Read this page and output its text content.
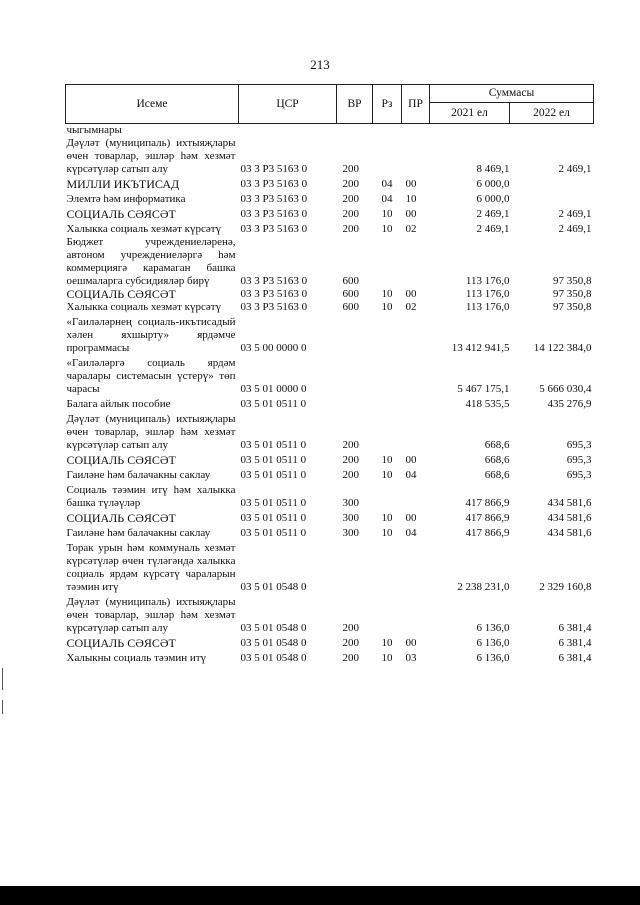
213
Исеме	ЦСР	ВР	Рз	ПР	Суммасы	
					2021 ел	2022 ел
чыгымнары						
Дәүләт (муниципаль) ихтыяҗлары өчен товарлар, эшләр һәм хезмәт күрсәтүләр сатып алу	03 3 P3 5163 0	200			8 469,1	2 469,1
МИЛЛИ ИКЪТИСАД	03 3 P3 5163 0	200	04	00	6 000,0	
Элемтә һәм информатика	03 3 P3 5163 0	200	04	10	6 000,0	
СОЦИАЛЬ СӘЯСӘТ	03 3 P3 5163 0	200	10	00	2 469,1	2 469,1
Халыкка социаль хезмәт күрсәтү	03 3 P3 5163 0	200	10	02	2 469,1	2 469,1
Бюджет учреждениеләренә, автоном учреждениеләргә һәм коммерциягә карамаган башка оешмаларга субсидияләр бирү	03 3 P3 5163 0	600			113 176,0	97 350,8
СОЦИАЛЬ СӘЯСӘТ	03 3 P3 5163 0	600	10	00	113 176,0	97 350,8
Халыкка социаль хезмәт күрсәтү	03 3 P3 5163 0	600	10	02	113 176,0	97 350,8
«Гаиләләрнең социаль-икътисадый хәлен яхшырту» ярдәмче программасы	03 5 00 0000 0				13 412 941,5	14 122 384,0
«Гаиләләргә социаль ярдәм чаралары системасын үстерү» төп чарасы	03 5 01 0000 0				5 467 175,1	5 666 030,4
Балага айлык пособие	03 5 01 0511 0				418 535,5	435 276,9
Дәүләт (муниципаль) ихтыяҗлары өчен товарлар, эшләр һәм хезмәт күрсәтүләр сатып алу	03 5 01 0511 0	200			668,6	695,3
СОЦИАЛЬ СӘЯСӘТ	03 5 01 0511 0	200	10	00	668,6	695,3
Гаиләне һәм балачакны саклау	03 5 01 0511 0	200	10	04	668,6	695,3
Социаль тәэмин итү һәм халыкка башка түләүләр	03 5 01 0511 0	300			417 866,9	434 581,6
СОЦИАЛЬ СӘЯСӘТ	03 5 01 0511 0	300	10	00	417 866,9	434 581,6
Гаиләне һәм балачакны саклау	03 5 01 0511 0	300	10	04	417 866,9	434 581,6
Торак урын һәм коммуналь хезмәт күрсәтүләр өчен түләгәндә халыкка социаль ярдәм күрсәтү чараларын тәэмин итү	03 5 01 0548 0				2 238 231,0	2 329 160,8
Дәүләт (муниципаль) ихтыяҗлары өчен товарлар, эшләр һәм хезмәт күрсәтүләр сатып алу	03 5 01 0548 0	200			6 136,0	6 381,4
СОЦИАЛЬ СӘЯСӘТ	03 5 01 0548 0	200	10	00	6 136,0	6 381,4
Халыкны социаль тәэмин итү	03 5 01 0548 0	200	10	03	6 136,0	6 381,4
